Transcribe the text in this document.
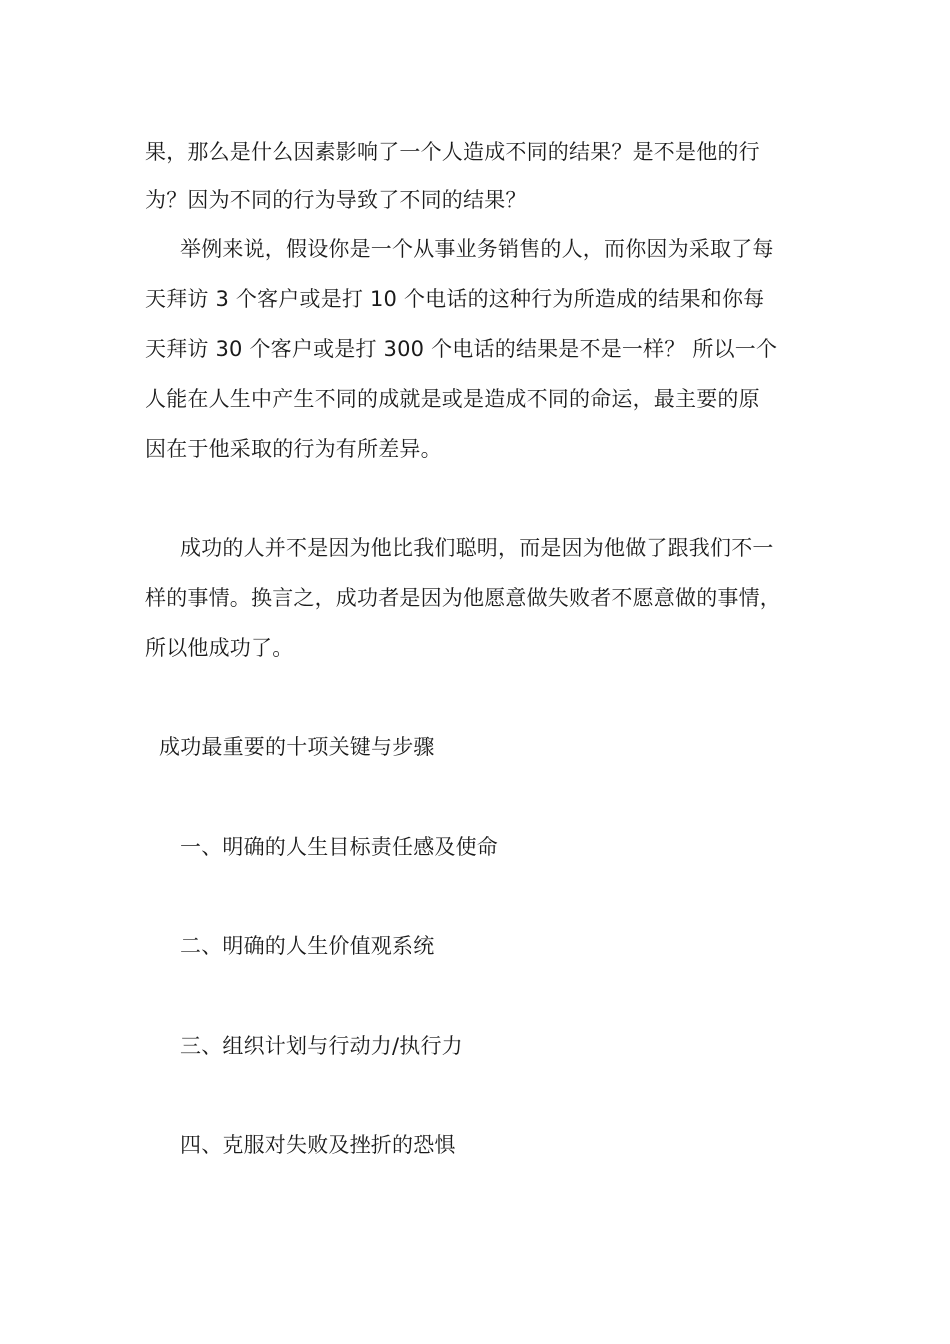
果，那么是什么因素影响了一个人造成不同的结果？是不是他的行
为？因为不同的行为导致了不同的结果？
举例来说，假设你是一个从事业务销售的人，而你因为采取了每
天拜访 3 个客户或是打 10 个电话的这种行为所造成的结果和你每
天拜访 30 个客户或是打 300 个电话的结果是不是一样？ 所以一个
人能在人生中产生不同的成就是或是造成不同的命运，最主要的原
因在于他采取的行为有所差异。
成功的人并不是因为他比我们聪明，而是因为他做了跟我们不一
样的事情。换言之，成功者是因为他愿意做失败者不愿意做的事情，
所以他成功了。
成功最重要的十项关键与步骤
一、明确的人生目标责任感及使命
二、明确的人生价值观系统
三、组织计划与行动力/执行力
四、克服对失败及挫折的恐惧
